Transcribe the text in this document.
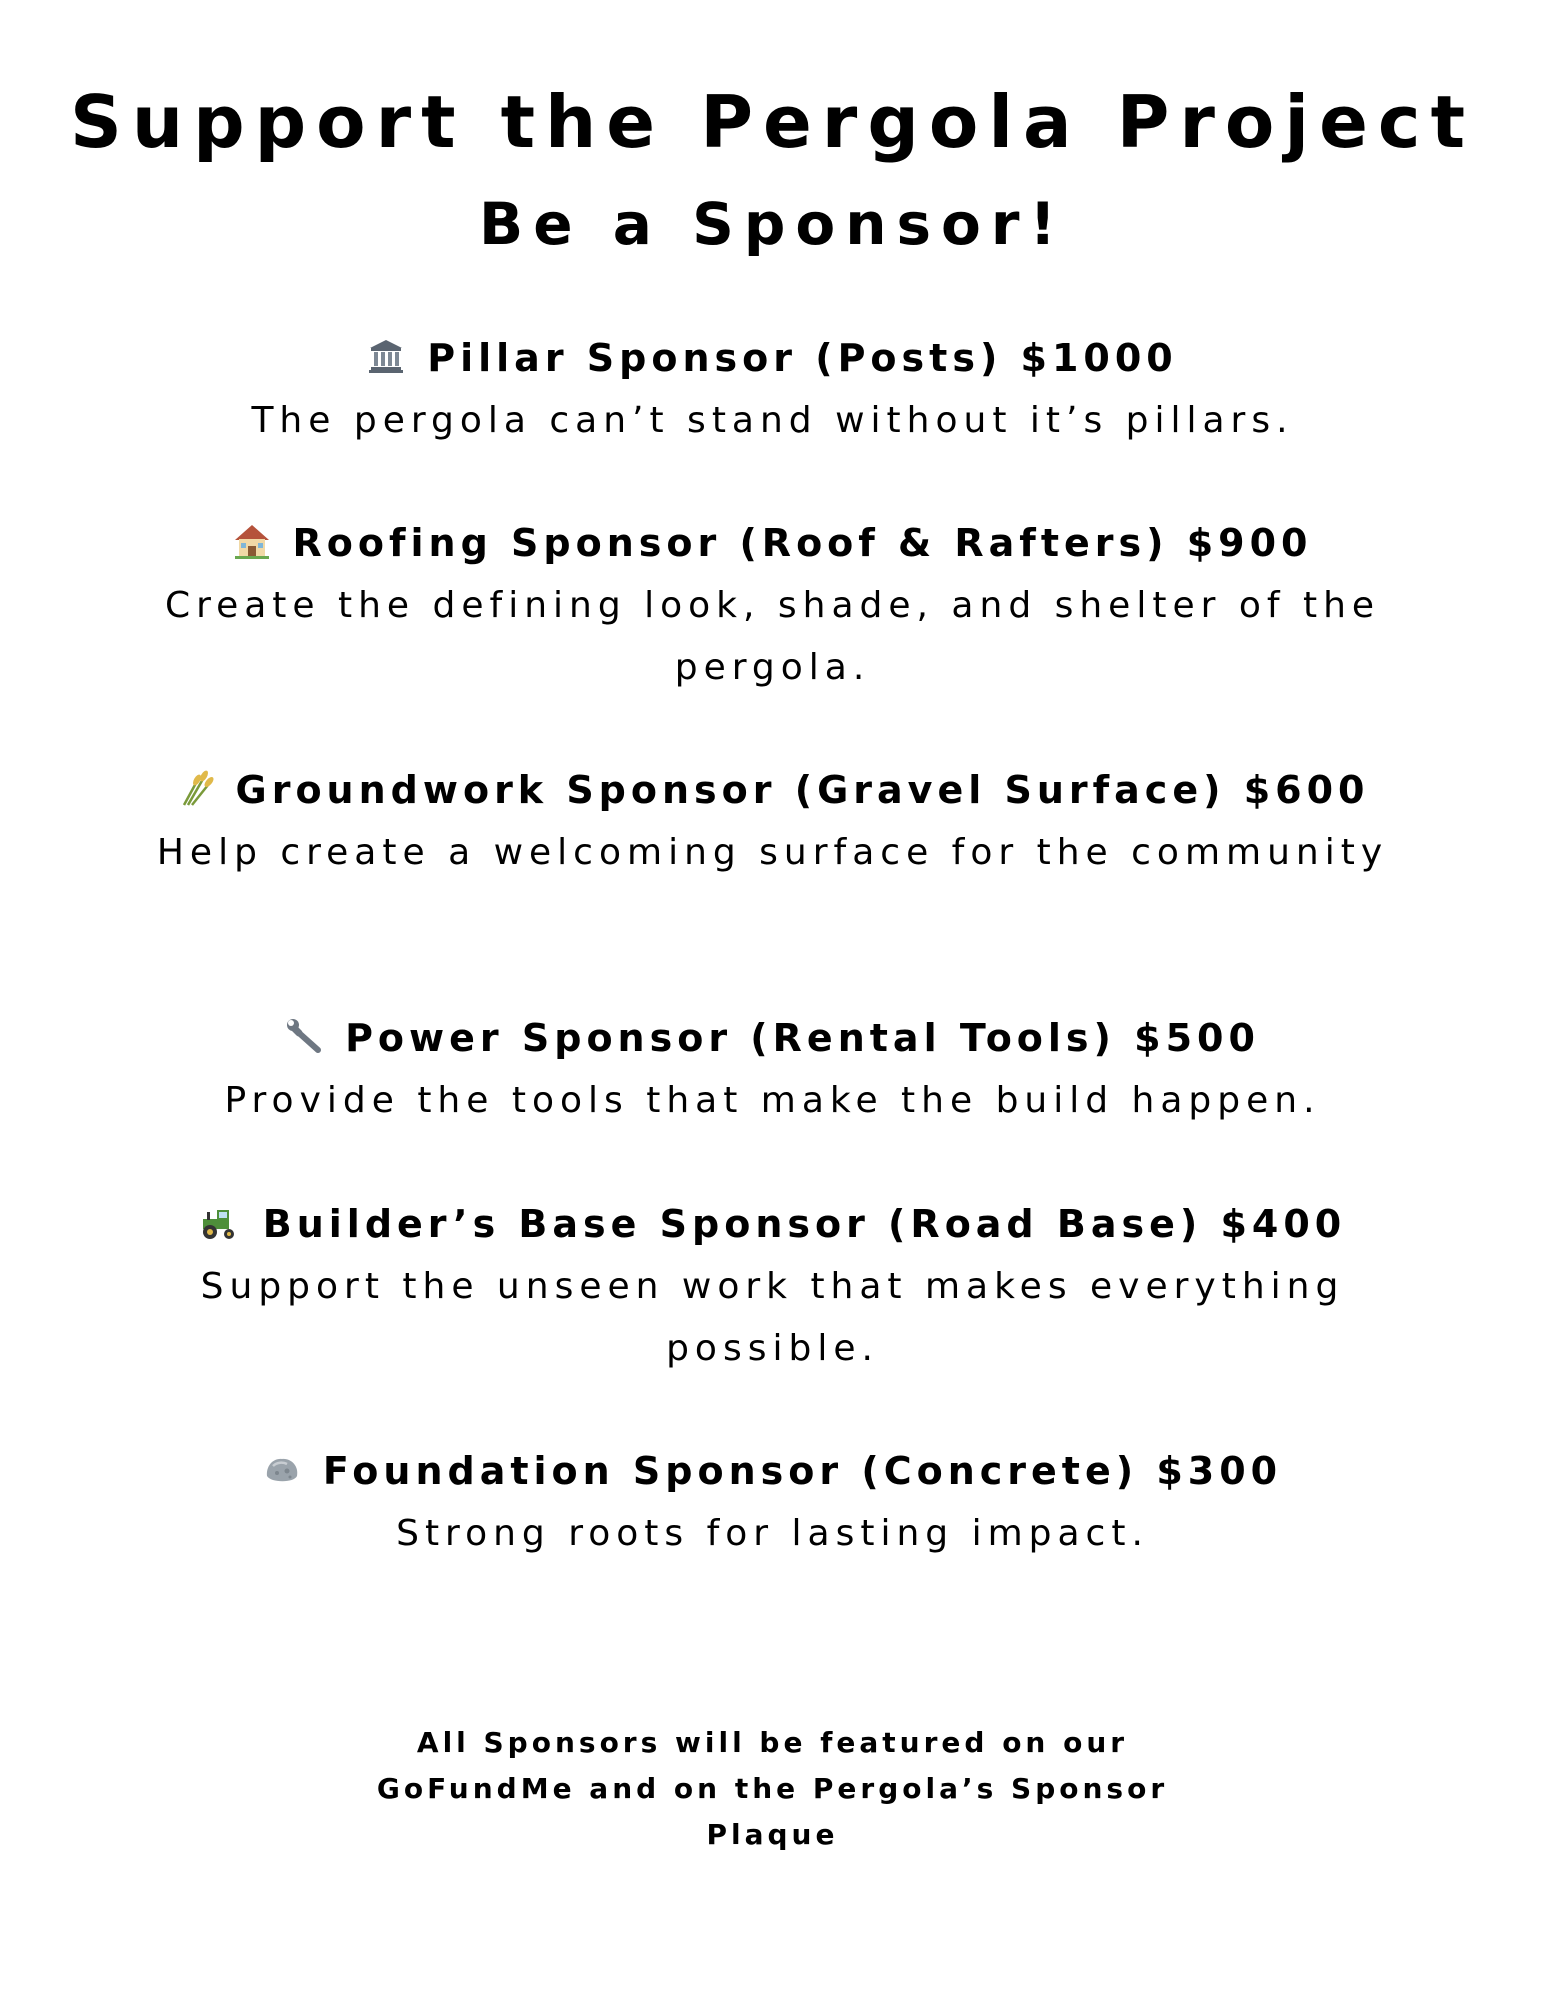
Support the Pergola Project
Be a Sponsor!
Pillar Sponsor (Posts) $1000
The pergola can’t stand without it’s pillars.
Roofing Sponsor (Roof & Rafters) $900
Create the defining look, shade, and shelter of the pergola.
Groundwork Sponsor (Gravel Surface) $600
Help create a welcoming surface for the community
Power Sponsor (Rental Tools) $500
Provide the tools that make the build happen.
Builder’s Base Sponsor (Road Base) $400
Support the unseen work that makes everything possible.
Foundation Sponsor (Concrete) $300
Strong roots for lasting impact.
All Sponsors will be featured on our GoFundMe and on the Pergola’s Sponsor Plaque
